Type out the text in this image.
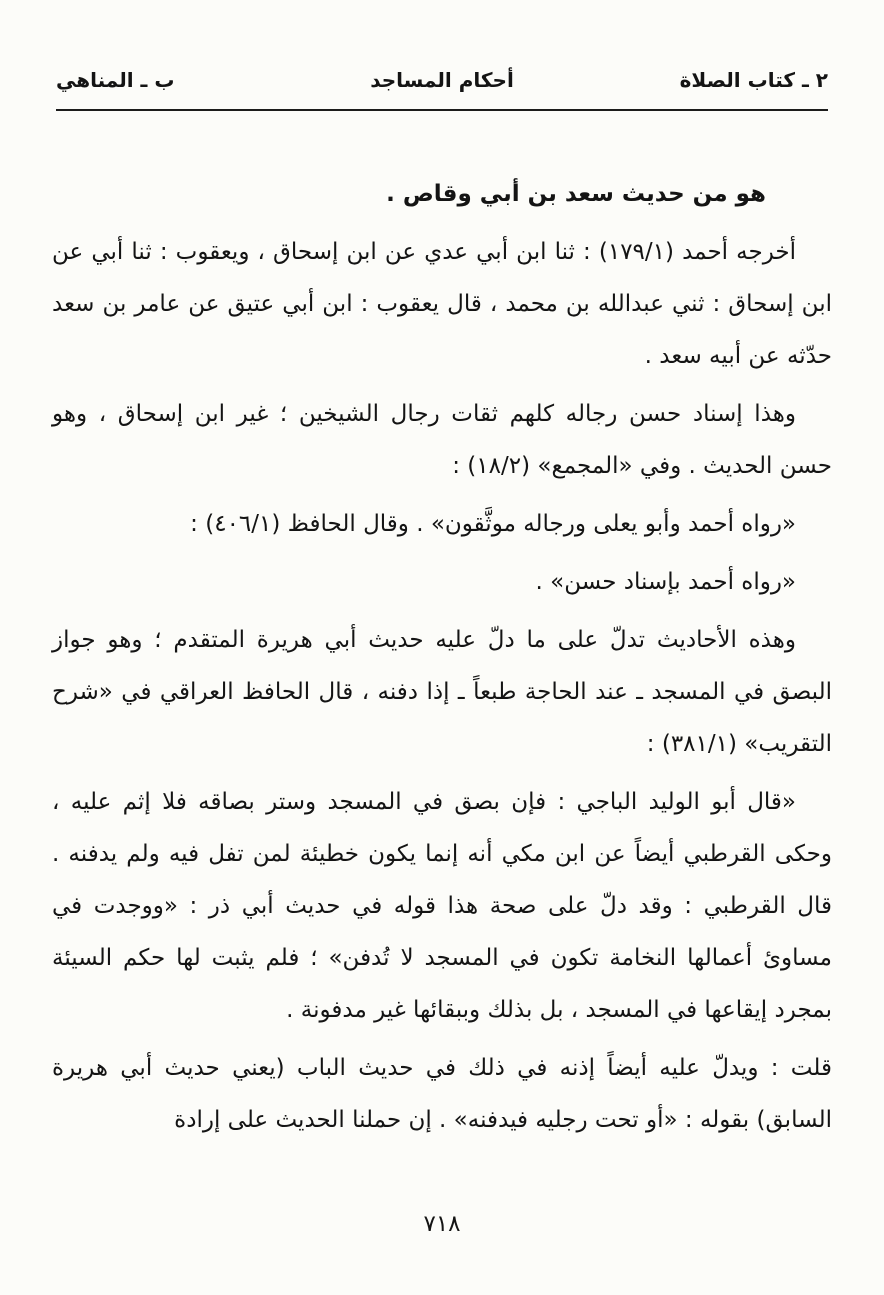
٢ ـ كتاب الصلاة
أحكام المساجد
ب ـ المناهي

هو من حديث سعد بن أبي وقاص .

أخرجه أحمد (١٧٩/١) : ثنا ابن أبي عدي عن ابن إسحاق ، ويعقوب : ثنا أبي عن ابن إسحاق : ثني عبدالله بن محمد ، قال يعقوب : ابن أبي عتيق عن عامر بن سعد حدّثه عن أبيه سعد .

وهذا إسناد حسن رجاله كلهم ثقات رجال الشيخين ؛ غير ابن إسحاق ، وهو حسن الحديث . وفي «المجمع» (١٨/٢) :

«رواه أحمد وأبو يعلى ورجاله موثَّقون» . وقال الحافظ (٤٠٦/١) :

«رواه أحمد بإسناد حسن» .

وهذه الأحاديث تدلّ على ما دلّ عليه حديث أبي هريرة المتقدم ؛ وهو جواز البصق في المسجد ـ عند الحاجة طبعاً ـ إذا دفنه ، قال الحافظ العراقي في «شرح التقريب» (٣٨١/١) :

«قال أبو الوليد الباجي : فإن بصق في المسجد وستر بصاقه فلا إثم عليه ، وحكى القرطبي أيضاً عن ابن مكي أنه إنما يكون خطيئة لمن تفل فيه ولم يدفنه . قال القرطبي : وقد دلّ على صحة هذا قوله في حديث أبي ذر : «ووجدت في مساوئ أعمالها النخامة تكون في المسجد لا تُدفن» ؛ فلم يثبت لها حكم السيئة بمجرد إيقاعها في المسجد ، بل بذلك وببقائها غير مدفونة .

قلت : ويدلّ عليه أيضاً إذنه في ذلك في حديث الباب (يعني حديث أبي هريرة السابق) بقوله : «أو تحت رجليه فيدفنه» . إن حملنا الحديث على إرادة

٧١٨
